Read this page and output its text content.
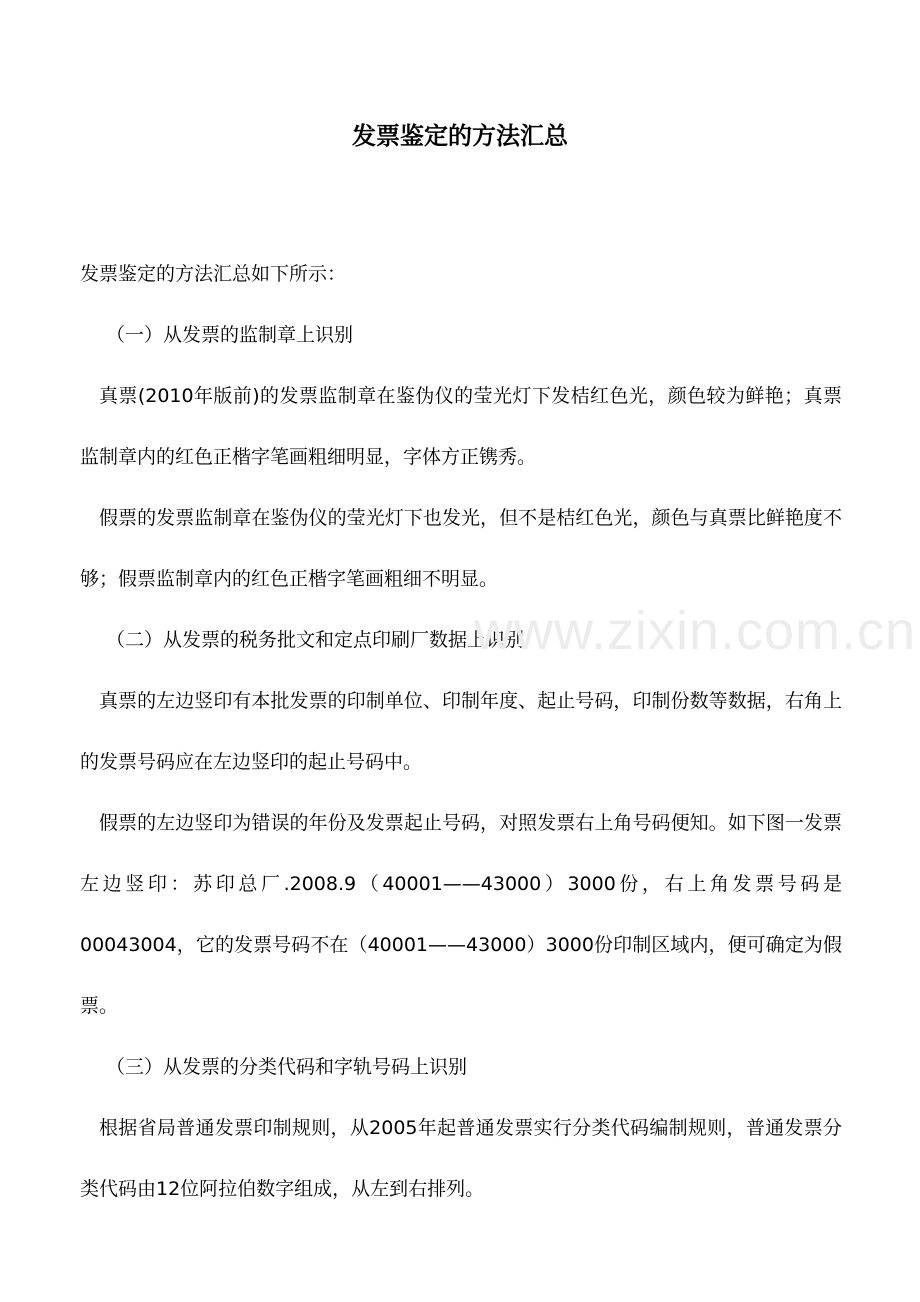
发票鉴定的方法汇总

发票鉴定的方法汇总如下所示：

（一）从发票的监制章上识别

真票(2010年版前)的发票监制章在鉴伪仪的莹光灯下发桔红色光，颜色较为鲜艳；真票监制章内的红色正楷字笔画粗细明显，字体方正镌秀。

假票的发票监制章在鉴伪仪的莹光灯下也发光，但不是桔红色光，颜色与真票比鲜艳度不够；假票监制章内的红色正楷字笔画粗细不明显。

（二）从发票的税务批文和定点印刷厂数据上识别

真票的左边竖印有本批发票的印制单位、印制年度、起止号码，印制份数等数据，右角上的发票号码应在左边竖印的起止号码中。

假票的左边竖印为错误的年份及发票起止号码，对照发票右上角号码便知。如下图一发票左边竖印：苏印总厂.2008.9（40001——43000）3000份，右上角发票号码是00043004，它的发票号码不在（40001——43000）3000份印制区域内，便可确定为假票。

（三）从发票的分类代码和字轨号码上识别

根据省局普通发票印制规则，从2005年起普通发票实行分类代码编制规则，普通发票分类代码由12位阿拉伯数字组成，从左到右排列。

www.zixin.com.cn
